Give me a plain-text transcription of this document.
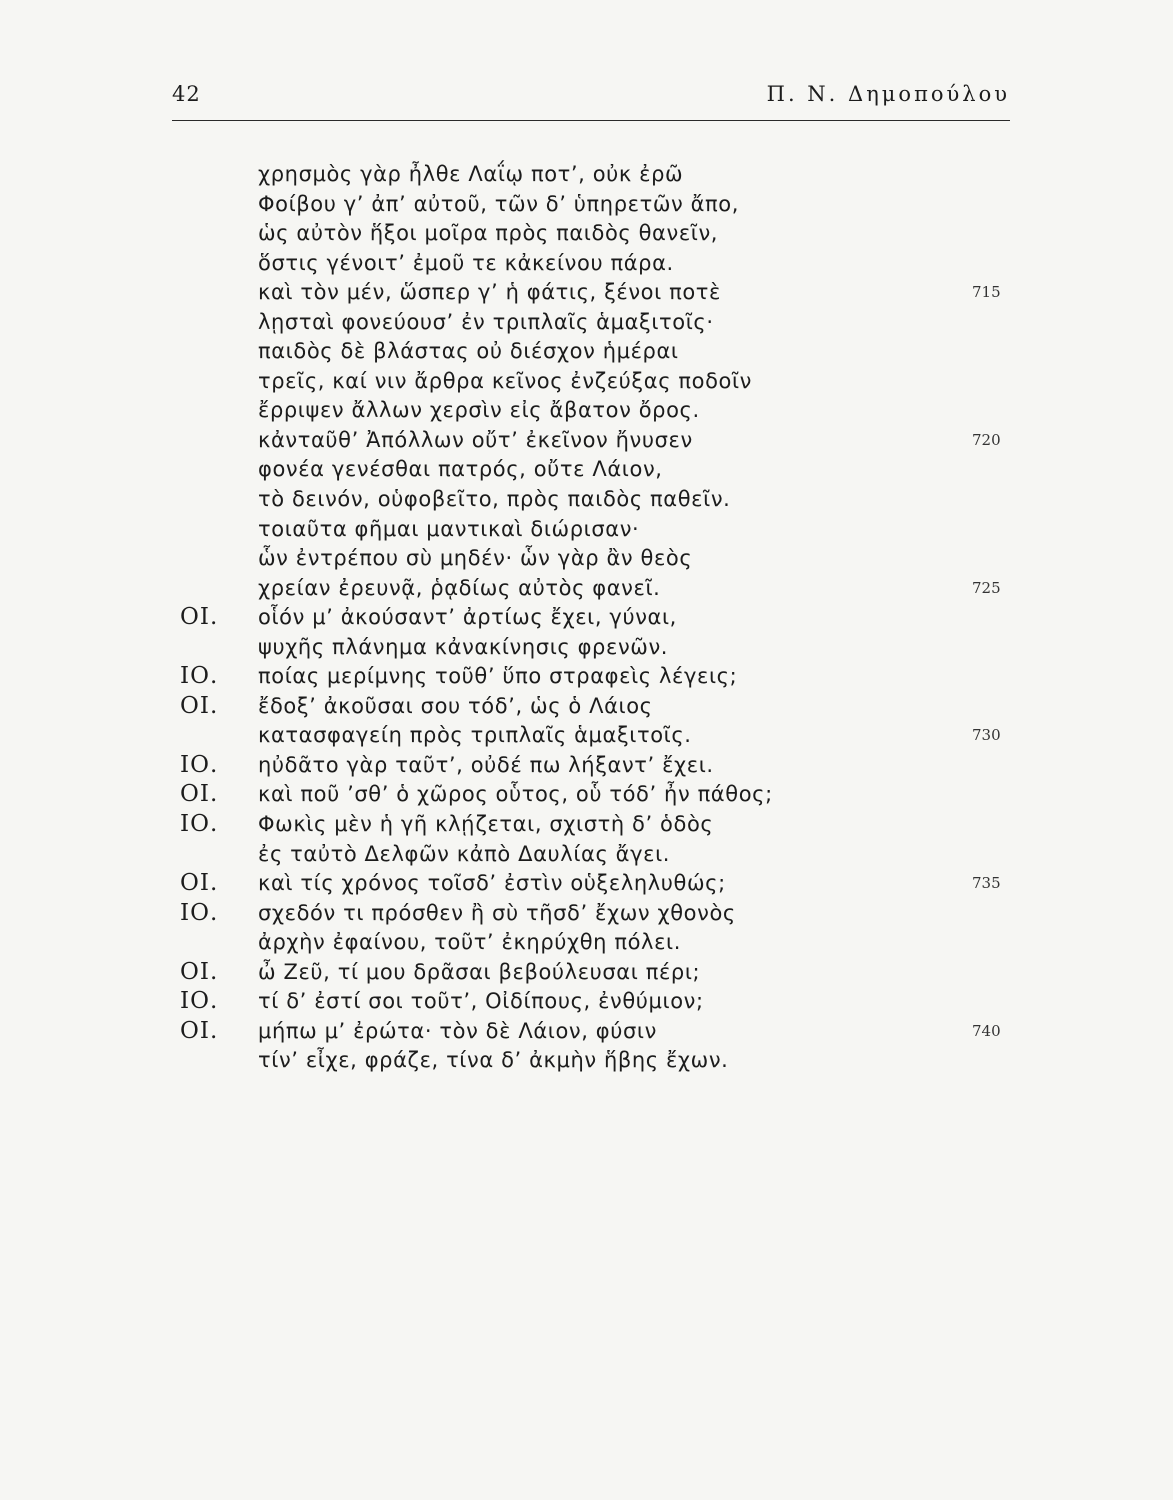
42	Π. Ν. Δημοπούλου
χρησμὸς γὰρ ἦλθε Λαΐῳ ποτ’, οὐκ ἐρῶ
Φοίβου γ’ ἀπ’ αὐτοῦ, τῶν δ’ ὑπηρετῶν ἄπο,
ὡς αὐτὸν ἥξοι μοῖρα πρὸς παιδὸς θανεῖν,
ὅστις γένοιτ’ ἐμοῦ τε κἀκείνου πάρα.
καὶ τὸν μέν, ὥσπερ γ’ ἡ φάτις, ξένοι ποτὲ	715
λῃσταὶ φονεύουσ’ ἐν τριπλαῖς ἁμαξιτοῖς·
παιδὸς δὲ βλάστας οὐ διέσχον ἡμέραι
τρεῖς, καί νιν ἄρθρα κεῖνος ἐνζεύξας ποδοῖν
ἔρριψεν ἄλλων χερσὶν εἰς ἄβατον ὄρος.
κἀνταῦθ’ Ἀπόλλων οὔτ’ ἐκεῖνον ἤνυσεν	720
φονέα γενέσθαι πατρός, οὔτε Λάιον,
τὸ δεινόν, οὑφοβεῖτο, πρὸς παιδὸς παθεῖν.
τοιαῦτα φῆμαι μαντικαὶ διώρισαν·
ὧν ἐντρέπου σὺ μηδέν· ὧν γὰρ ἂν θεὸς
χρείαν ἐρευνᾷ, ῥᾳδίως αὐτὸς φανεῖ.	725
ΟΙ. οἷόν μ’ ἀκούσαντ’ ἀρτίως ἔχει, γύναι,
ψυχῆς πλάνημα κἀνακίνησις φρενῶν.
ΙΟ. ποίας μερίμνης τοῦθ’ ὕπο στραφεὶς λέγεις;
ΟΙ. ἔδοξ’ ἀκοῦσαι σου τόδ’, ὡς ὁ Λάιος
κατασφαγείη πρὸς τριπλαῖς ἁμαξιτοῖς.	730
ΙΟ. ηὐδᾶτο γὰρ ταῦτ’, οὐδέ πω λήξαντ’ ἔχει.
ΟΙ. καὶ ποῦ ’σθ’ ὁ χῶρος οὗτος, οὗ τόδ’ ἦν πάθος;
ΙΟ. Φωκὶς μὲν ἡ γῆ κλῄζεται, σχιστὴ δ’ ὁδὸς
ἐς ταὐτὸ Δελφῶν κἀπὸ Δαυλίας ἄγει.
ΟΙ. καὶ τίς χρόνος τοῖσδ’ ἐστὶν οὑξεληλυθώς;	735
ΙΟ. σχεδόν τι πρόσθεν ἢ σὺ τῆσδ’ ἔχων χθονὸς
ἀρχὴν ἐφαίνου, τοῦτ’ ἐκηρύχθη πόλει.
ΟΙ. ὦ Ζεῦ, τί μου δρᾶσαι βεβούλευσαι πέρι;
ΙΟ. τί δ’ ἐστί σοι τοῦτ’, Οἰδίπους, ἐνθύμιον;
ΟΙ. μήπω μ’ ἐρώτα· τὸν δὲ Λάιον, φύσιν	740
τίν’ εἶχε, φράζε, τίνα δ’ ἀκμὴν ἥβης ἔχων.
